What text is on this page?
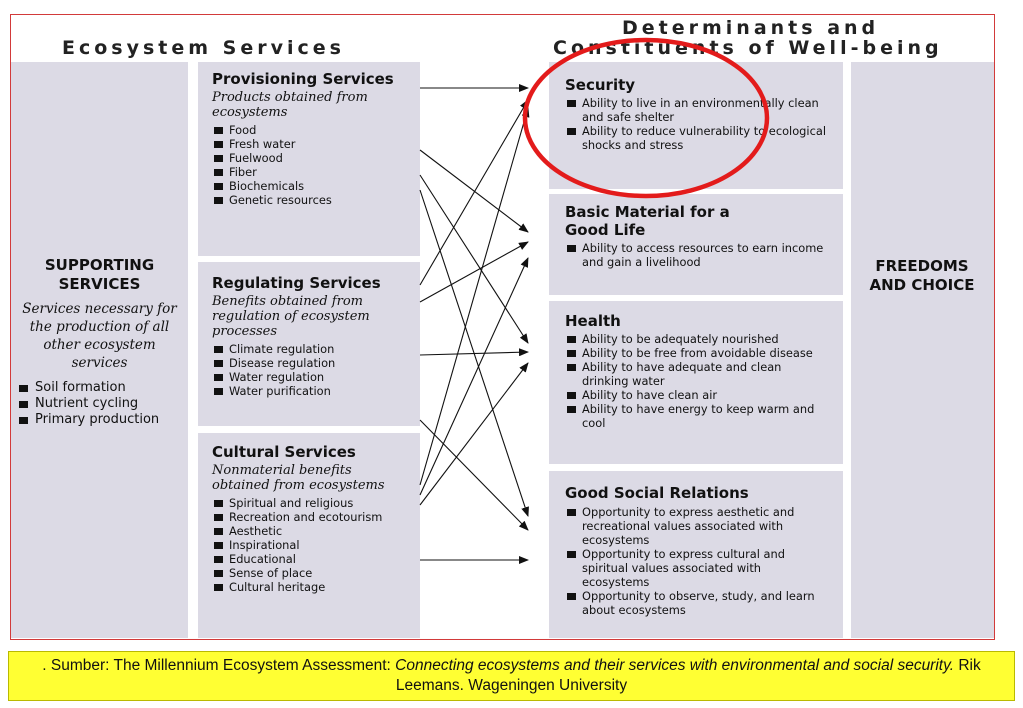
Ecosystem Services
Determinants and
Constituents of Well-being
SUPPORTING SERVICES
Services necessary for the production of all other ecosystem services
Soil formation
Nutrient cycling
Primary production
Provisioning Services
Products obtained from ecosystems
Food
Fresh water
Fuelwood
Fiber
Biochemicals
Genetic resources
Regulating Services
Benefits obtained from regulation of ecosystem processes
Climate regulation
Disease regulation
Water regulation
Water purification
Cultural Services
Nonmaterial benefits obtained from ecosystems
Spiritual and religious
Recreation and ecotourism
Aesthetic
Inspirational
Educational
Sense of place
Cultural heritage
Security
Ability to live in an environmentally clean and safe shelter
Ability to reduce vulnerability to ecological shocks and stress
Basic Material for a Good Life
Ability to access resources to earn income and gain a livelihood
Health
Ability to be adequately nourished
Ability to be free from avoidable disease
Ability to have adequate and clean drinking water
Ability to have clean air
Ability to have energy to keep warm and cool
Good Social Relations
Opportunity to express aesthetic and recreational values associated with ecosystems
Opportunity to express cultural and spiritual values associated with ecosystems
Opportunity to observe, study, and learn about ecosystems
FREEDOMS AND CHOICE
. Sumber: The Millennium Ecosystem Assessment: Connecting ecosystems and their services with environmental and social security. Rik Leemans. Wageningen University
